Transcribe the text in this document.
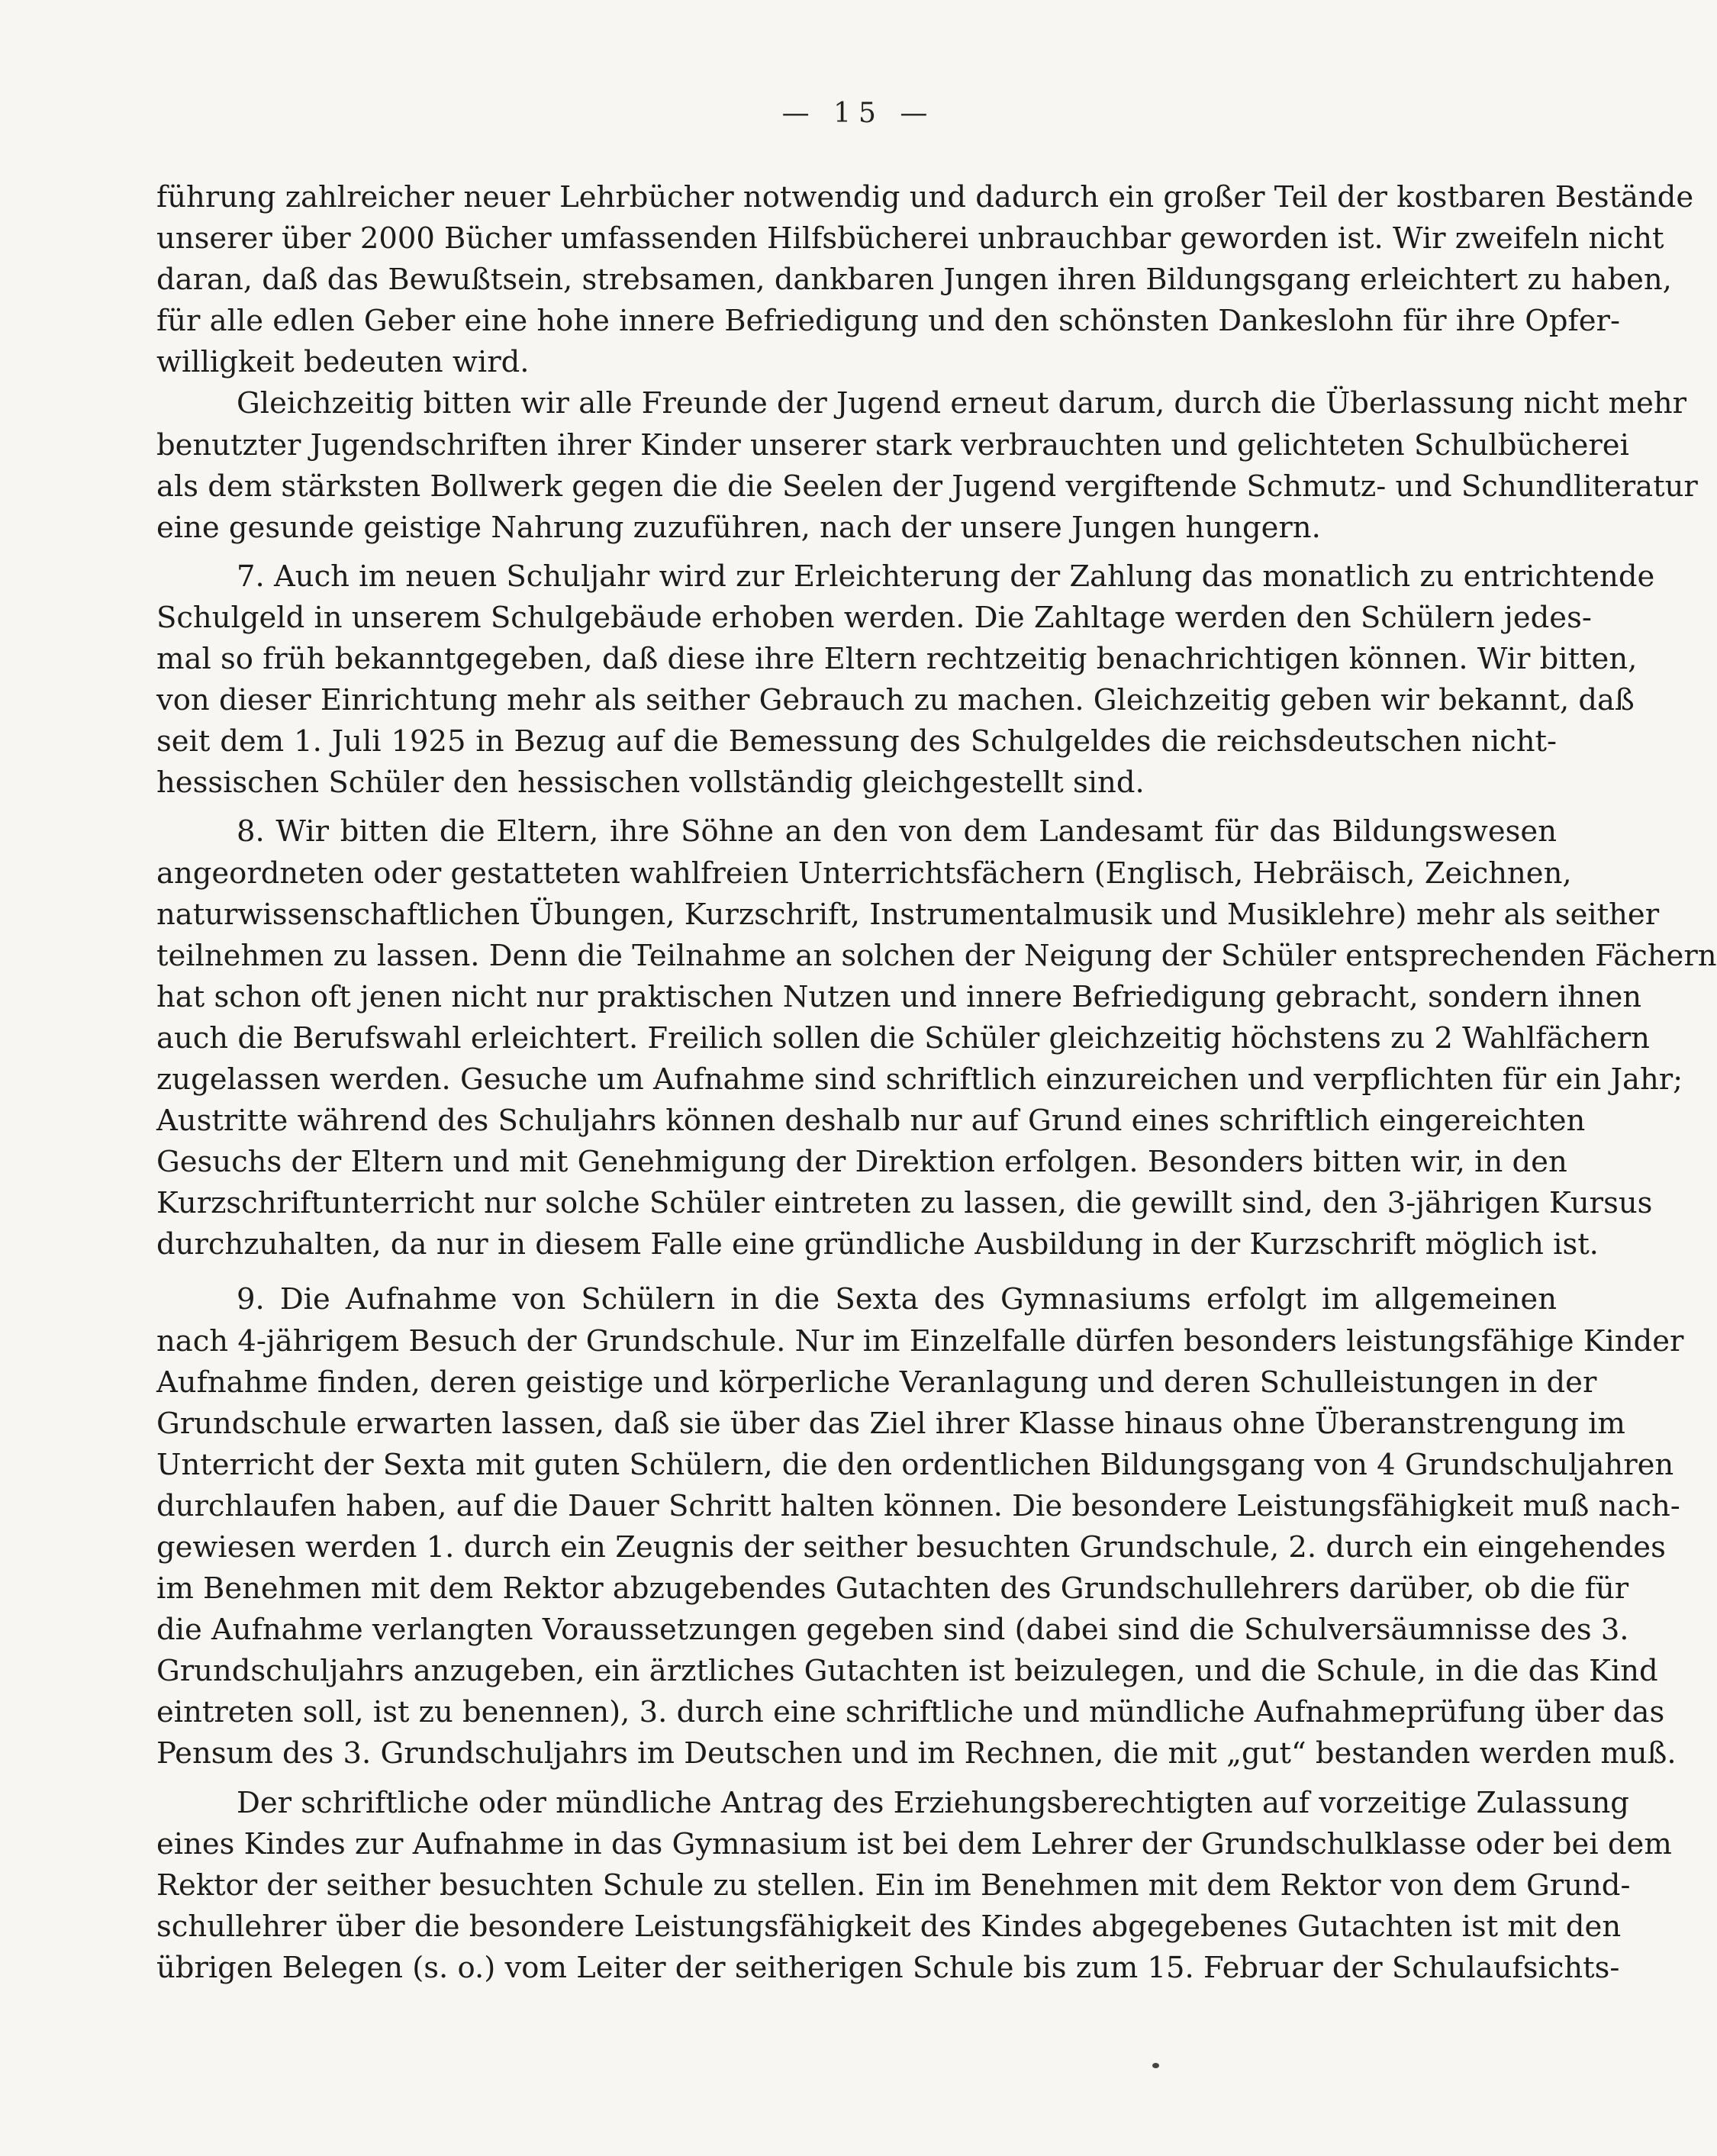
— 15 —
führung zahlreicher neuer Lehrbücher notwendig und dadurch ein großer Teil der kostbaren Bestände
unserer über 2000 Bücher umfassenden Hilfsbücherei unbrauchbar geworden ist. Wir zweifeln nicht
daran, daß das Bewußtsein, strebsamen, dankbaren Jungen ihren Bildungsgang erleichtert zu haben,
für alle edlen Geber eine hohe innere Befriedigung und den schönsten Dankeslohn für ihre Opfer-
willigkeit bedeuten wird.
Gleichzeitig bitten wir alle Freunde der Jugend erneut darum, durch die Überlassung nicht mehr
benutzter Jugendschriften ihrer Kinder unserer stark verbrauchten und gelichteten Schulbücherei
als dem stärksten Bollwerk gegen die die Seelen der Jugend vergiftende Schmutz- und Schundliteratur
eine gesunde geistige Nahrung zuzuführen, nach der unsere Jungen hungern.
7. Auch im neuen Schuljahr wird zur Erleichterung der Zahlung das monatlich zu entrichtende
Schulgeld in unserem Schulgebäude erhoben werden. Die Zahltage werden den Schülern jedes-
mal so früh bekanntgegeben, daß diese ihre Eltern rechtzeitig benachrichtigen können. Wir bitten,
von dieser Einrichtung mehr als seither Gebrauch zu machen. Gleichzeitig geben wir bekannt, daß
seit dem 1. Juli 1925 in Bezug auf die Bemessung des Schulgeldes die reichsdeutschen nicht-
hessischen Schüler den hessischen vollständig gleichgestellt sind.
8. Wir bitten die Eltern, ihre Söhne an den von dem Landesamt für das Bildungswesen
angeordneten oder gestatteten wahlfreien Unterrichtsfächern (Englisch, Hebräisch, Zeichnen,
naturwissenschaftlichen Übungen, Kurzschrift, Instrumentalmusik und Musiklehre) mehr als seither
teilnehmen zu lassen. Denn die Teilnahme an solchen der Neigung der Schüler entsprechenden Fächern
hat schon oft jenen nicht nur praktischen Nutzen und innere Befriedigung gebracht, sondern ihnen
auch die Berufswahl erleichtert. Freilich sollen die Schüler gleichzeitig höchstens zu 2 Wahlfächern
zugelassen werden. Gesuche um Aufnahme sind schriftlich einzureichen und verpflichten für ein Jahr;
Austritte während des Schuljahrs können deshalb nur auf Grund eines schriftlich eingereichten
Gesuchs der Eltern und mit Genehmigung der Direktion erfolgen. Besonders bitten wir, in den
Kurzschriftunterricht nur solche Schüler eintreten zu lassen, die gewillt sind, den 3-jährigen Kursus
durchzuhalten, da nur in diesem Falle eine gründliche Ausbildung in der Kurzschrift möglich ist.
9. Die Aufnahme von Schülern in die Sexta des Gymnasiums erfolgt im allgemeinen
nach 4-jährigem Besuch der Grundschule. Nur im Einzelfalle dürfen besonders leistungsfähige Kinder
Aufnahme finden, deren geistige und körperliche Veranlagung und deren Schulleistungen in der
Grundschule erwarten lassen, daß sie über das Ziel ihrer Klasse hinaus ohne Überanstrengung im
Unterricht der Sexta mit guten Schülern, die den ordentlichen Bildungsgang von 4 Grundschuljahren
durchlaufen haben, auf die Dauer Schritt halten können. Die besondere Leistungsfähigkeit muß nach-
gewiesen werden 1. durch ein Zeugnis der seither besuchten Grundschule, 2. durch ein eingehendes
im Benehmen mit dem Rektor abzugebendes Gutachten des Grundschullehrers darüber, ob die für
die Aufnahme verlangten Voraussetzungen gegeben sind (dabei sind die Schulversäumnisse des 3.
Grundschuljahrs anzugeben, ein ärztliches Gutachten ist beizulegen, und die Schule, in die das Kind
eintreten soll, ist zu benennen), 3. durch eine schriftliche und mündliche Aufnahmeprüfung über das
Pensum des 3. Grundschuljahrs im Deutschen und im Rechnen, die mit „gut“ bestanden werden muß.
Der schriftliche oder mündliche Antrag des Erziehungsberechtigten auf vorzeitige Zulassung
eines Kindes zur Aufnahme in das Gymnasium ist bei dem Lehrer der Grundschulklasse oder bei dem
Rektor der seither besuchten Schule zu stellen. Ein im Benehmen mit dem Rektor von dem Grund-
schullehrer über die besondere Leistungsfähigkeit des Kindes abgegebenes Gutachten ist mit den
übrigen Belegen (s. o.) vom Leiter der seitherigen Schule bis zum 15. Februar der Schulaufsichts-
